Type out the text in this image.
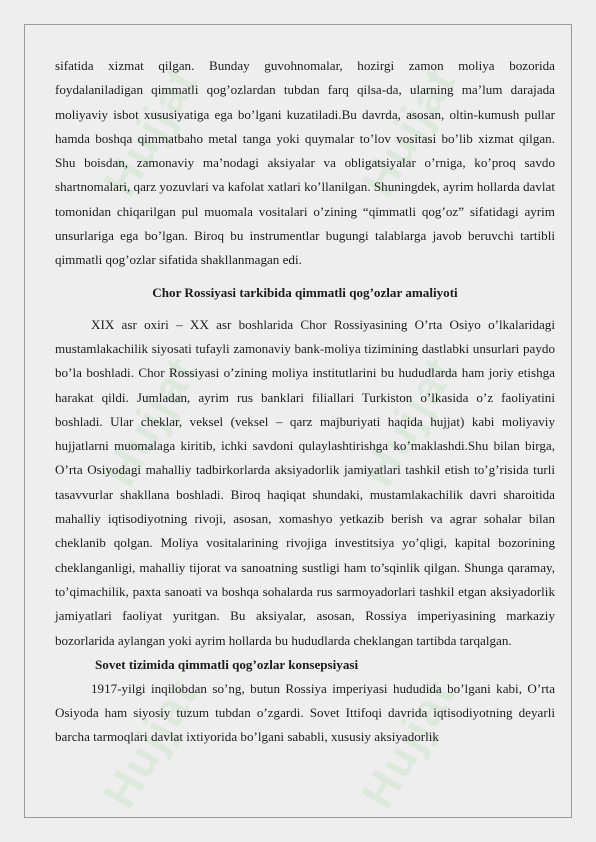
Hujjat	Hujjat
Hujjat	Hujjat
Hujjat	Hujjat

sifatida xizmat qilgan. Bunday guvohnomalar, hozirgi zamon moliya bozorida foydalaniladigan qimmatli qog’ozlardan tubdan farq qilsa-da, ularning ma’lum darajada moliyaviy isbot xususiyatiga ega bo’lgani kuzatiladi.Bu davrda, asosan, oltin-kumush pullar hamda boshqa qimmatbaho metal tanga yoki quymalar to’lov vositasi bo’lib xizmat qilgan. Shu boisdan, zamonaviy ma’nodagi aksiyalar va obligatsiyalar o’rniga, ko’proq savdo shartnomalari, qarz yozuvlari va kafolat xatlari ko’llanilgan. Shuningdek, ayrim hollarda davlat tomonidan chiqarilgan pul muomala vositalari o’zining “qimmatli qog’oz” sifatidagi ayrim unsurlariga ega bo’lgan. Biroq bu instrumentlar bugungi talablarga javob beruvchi tartibli qimmatli qog’ozlar sifatida shakllanmagan edi.

Chor Rossiyasi tarkibida qimmatli qog’ozlar amaliyoti

XIX asr oxiri – XX asr boshlarida Chor Rossiyasining O’rta Osiyo o’lkalaridagi mustamlakachilik siyosati tufayli zamonaviy bank-moliya tizimining dastlabki unsurlari paydo bo’la boshladi. Chor Rossiyasi o’zining moliya institutlarini bu hududlarda ham joriy etishga harakat qildi. Jumladan, ayrim rus banklari filiallari Turkiston o’lkasida o’z faoliyatini boshladi. Ular cheklar, veksel (veksel – qarz majburiyati haqida hujjat) kabi moliyaviy hujjatlarni muomalaga kiritib, ichki savdoni qulaylashtirishga ko’maklashdi.Shu bilan birga, O’rta Osiyodagi mahalliy tadbirkorlarda aksiyadorlik jamiyatlari tashkil etish to’g’risida turli tasavvurlar shakllana boshladi. Biroq haqiqat shundaki, mustamlakachilik davri sharoitida mahalliy iqtisodiyotning rivoji, asosan, xomashyo yetkazib berish va agrar sohalar bilan cheklanib qolgan. Moliya vositalarining rivojiga investitsiya yo’qligi, kapital bozorining cheklanganligi, mahalliy tijorat va sanoatning sustligi ham to’sqinlik qilgan. Shunga qaramay, to’qimachilik, paxta sanoati va boshqa sohalarda rus sarmoyadorlari tashkil etgan aksiyadorlik jamiyatlari faoliyat yuritgan. Bu aksiyalar, asosan, Rossiya imperiyasining markaziy bozorlarida aylangan yoki ayrim hollarda bu hududlarda cheklangan tartibda tarqalgan.

Sovet tizimida qimmatli qog’ozlar konsepsiyasi

1917-yilgi inqilobdan so’ng, butun Rossiya imperiyasi hududida bo’lgani kabi, O’rta Osiyoda ham siyosiy tuzum tubdan o’zgardi. Sovet Ittifoqi davrida iqtisodiyotning deyarli barcha tarmoqlari davlat ixtiyorida bo’lgani sababli, xususiy aksiyadorlik
